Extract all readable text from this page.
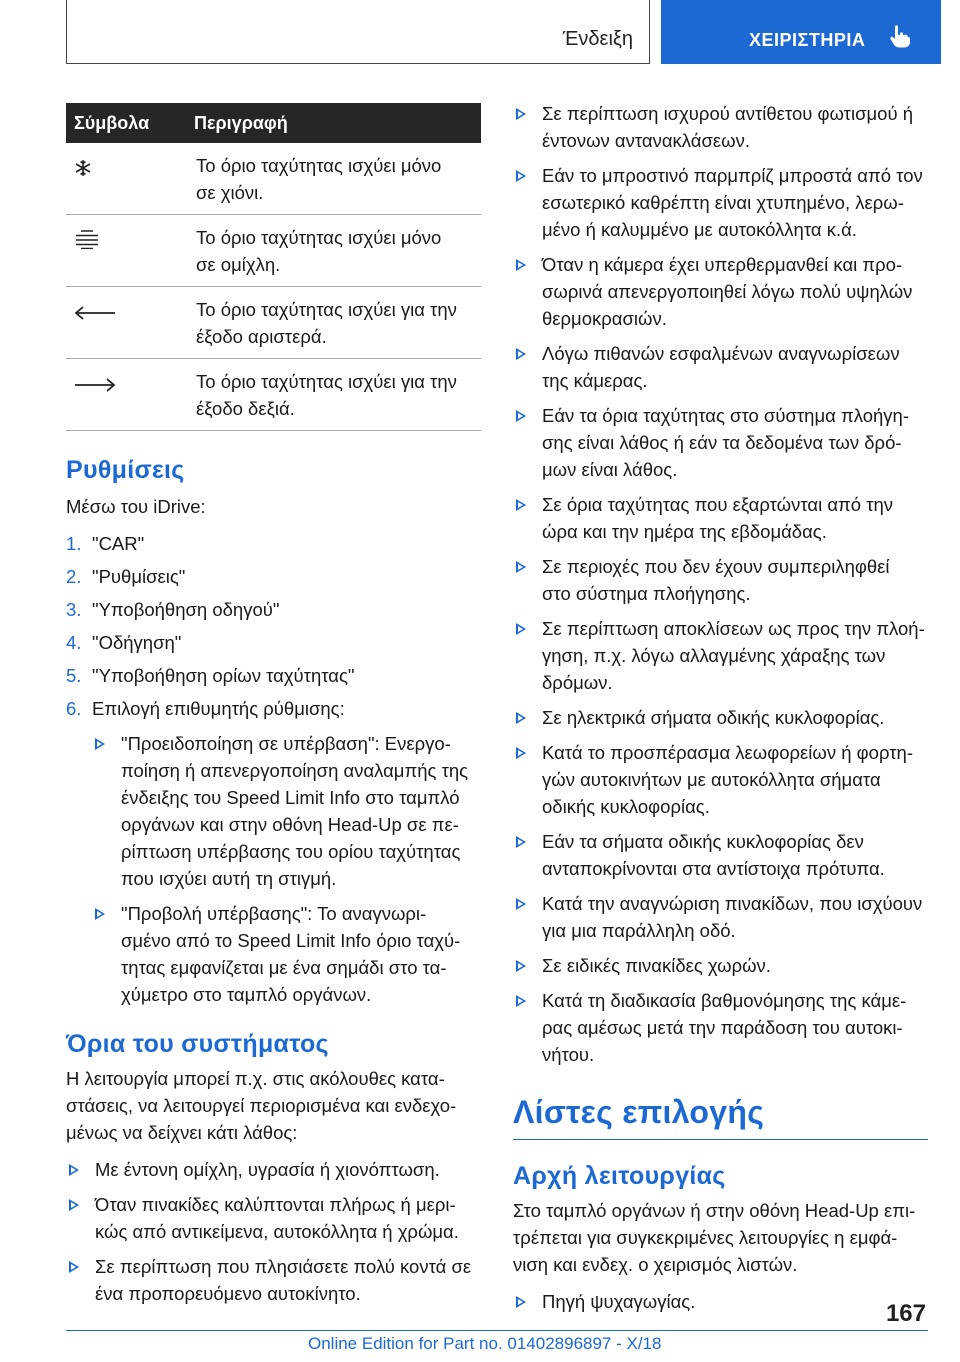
Ένδειξη	ΧΕΙΡΙΣΤΗΡΙΑ
Σύμβολα	Περιγραφή
	Το όριο ταχύτητας ισχύει μόνο
σε χιόνι.
	Το όριο ταχύτητας ισχύει μόνο
σε ομίχλη.
	Το όριο ταχύτητας ισχύει για την
έξοδο αριστερά.
	Το όριο ταχύτητας ισχύει για την
έξοδο δεξιά.
Ρυθμίσεις

Μέσω του iDrive:

1. "CAR"
2. "Ρυθμίσεις"
3. "Υποβοήθηση οδηγού"
4. "Οδήγηση"
5. "Υποβοήθηση ορίων ταχύτητας"
6. Επιλογή επιθυμητής ρύθμισης:
"Προειδοποίηση σε υπέρβαση": Ενεργο-
ποίηση ή απενεργοποίηση αναλαμπής της
ένδειξης του Speed Limit Info στο ταμπλό
οργάνων και στην οθόνη Head-Up σε πε-
ρίπτωση υπέρβασης του ορίου ταχύτητας
που ισχύει αυτή τη στιγμή.
"Προβολή υπέρβασης": Το αναγνωρι-
σμένο από το Speed Limit Info όριο ταχύ-
τητας εμφανίζεται με ένα σημάδι στο τα-
χύμετρο στο ταμπλό οργάνων.
Όρια του συστήματος

Η λειτουργία μπορεί π.χ. στις ακόλουθες κατα-
στάσεις, να λειτουργεί περιορισμένα και ενδεχο-
μένως να δείχνει κάτι λάθος:

Με έντονη ομίχλη, υγρασία ή χιονόπτωση.
Όταν πινακίδες καλύπτονται πλήρως ή μερι-
κώς από αντικείμενα, αυτοκόλλητα ή χρώμα.
Σε περίπτωση που πλησιάσετε πολύ κοντά σε
ένα προπορευόμενο αυτοκίνητο.
Σε περίπτωση ισχυρού αντίθετου φωτισμού ή
έντονων αντανακλάσεων.
Εάν το μπροστινό παρμπρίζ μπροστά από τον
εσωτερικό καθρέπτη είναι χτυπημένο, λερω-
μένο ή καλυμμένο με αυτοκόλλητα κ.ά.
Όταν η κάμερα έχει υπερθερμανθεί και προ-
σωρινά απενεργοποιηθεί λόγω πολύ υψηλών
θερμοκρασιών.
Λόγω πιθανών εσφαλμένων αναγνωρίσεων
της κάμερας.
Εάν τα όρια ταχύτητας στο σύστημα πλοήγη-
σης είναι λάθος ή εάν τα δεδομένα των δρό-
μων είναι λάθος.
Σε όρια ταχύτητας που εξαρτώνται από την
ώρα και την ημέρα της εβδομάδας.
Σε περιοχές που δεν έχουν συμπεριληφθεί
στο σύστημα πλοήγησης.
Σε περίπτωση αποκλίσεων ως προς την πλοή-
γηση, π.χ. λόγω αλλαγμένης χάραξης των
δρόμων.
Σε ηλεκτρικά σήματα οδικής κυκλοφορίας.
Κατά το προσπέρασμα λεωφορείων ή φορτη-
γών αυτοκινήτων με αυτοκόλλητα σήματα
οδικής κυκλοφορίας.
Εάν τα σήματα οδικής κυκλοφορίας δεν
ανταποκρίνονται στα αντίστοιχα πρότυπα.
Κατά την αναγνώριση πινακίδων, που ισχύουν
για μια παράλληλη οδό.
Σε ειδικές πινακίδες χωρών.
Κατά τη διαδικασία βαθμονόμησης της κάμε-
ρας αμέσως μετά την παράδοση του αυτοκι-
νήτου.
Λίστες επιλογής
Αρχή λειτουργίας

Στο ταμπλό οργάνων ή στην οθόνη Head-Up επι-
τρέπεται για συγκεκριμένες λειτουργίες η εμφά-
νιση και ενδεχ. ο χειρισμός λιστών.

Πηγή ψυχαγωγίας.	167
Online Edition for Part no. 01402896897 - X/18
